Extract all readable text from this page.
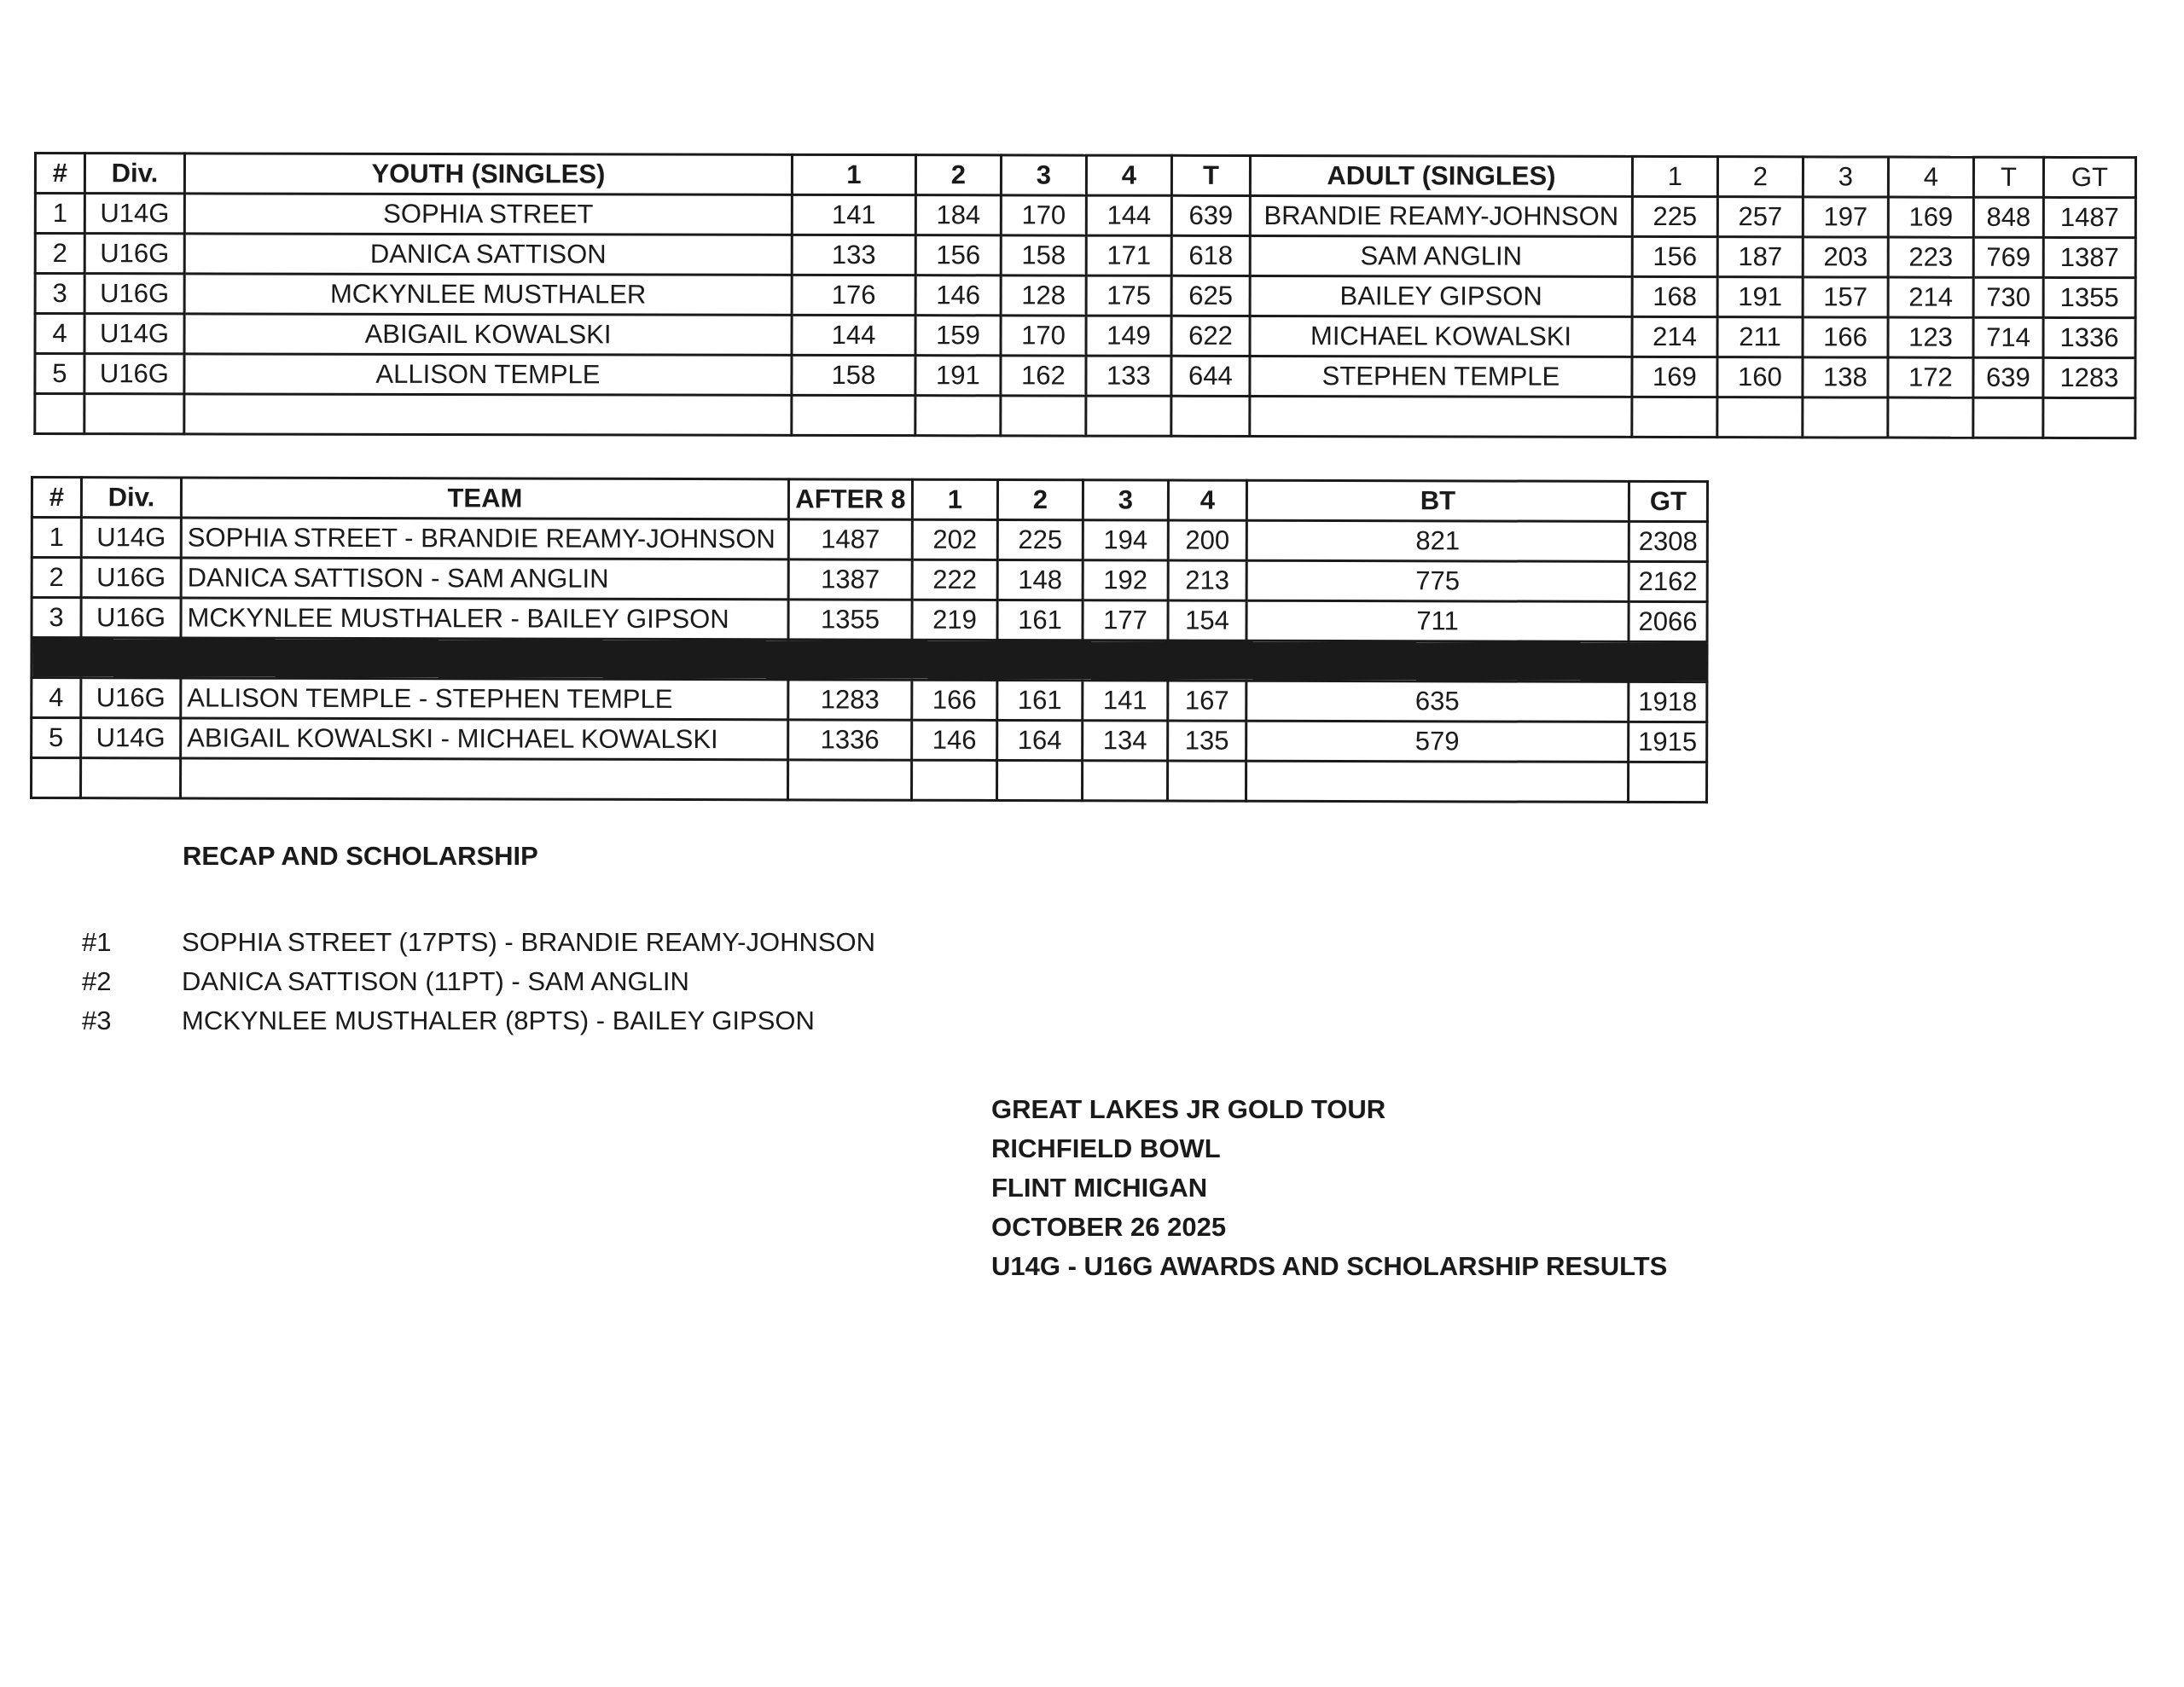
#	Div.	YOUTH (SINGLES)	1	2	3	4	T	ADULT (SINGLES)	1	2	3	4	T	GT
1	U14G	SOPHIA STREET	141	184	170	144	639	BRANDIE REAMY-JOHNSON	225	257	197	169	848	1487
2	U16G	DANICA SATTISON	133	156	158	171	618	SAM ANGLIN	156	187	203	223	769	1387
3	U16G	MCKYNLEE MUSTHALER	176	146	128	175	625	BAILEY GIPSON	168	191	157	214	730	1355
4	U14G	ABIGAIL KOWALSKI	144	159	170	149	622	MICHAEL KOWALSKI	214	211	166	123	714	1336
5	U16G	ALLISON TEMPLE	158	191	162	133	644	STEPHEN TEMPLE	169	160	138	172	639	1283

#	Div.	TEAM	AFTER 8	1	2	3	4	BT	GT
1	U14G	SOPHIA STREET - BRANDIE REAMY-JOHNSON	1487	202	225	194	200	821	2308
2	U16G	DANICA SATTISON - SAM ANGLIN	1387	222	148	192	213	775	2162
3	U16G	MCKYNLEE MUSTHALER - BAILEY GIPSON	1355	219	161	177	154	711	2066

4	U16G	ALLISON TEMPLE - STEPHEN TEMPLE	1283	166	161	141	167	635	1918
5	U14G	ABIGAIL KOWALSKI - MICHAEL KOWALSKI	1336	146	164	134	135	579	1915

RECAP AND SCHOLARSHIP
#1	SOPHIA STREET (17PTS) - BRANDIE REAMY-JOHNSON
#2	DANICA SATTISON (11PT) - SAM ANGLIN
#3	MCKYNLEE MUSTHALER (8PTS) - BAILEY GIPSON
GREAT LAKES JR GOLD TOUR
RICHFIELD BOWL
FLINT MICHIGAN
OCTOBER 26 2025
U14G - U16G AWARDS AND SCHOLARSHIP RESULTS
